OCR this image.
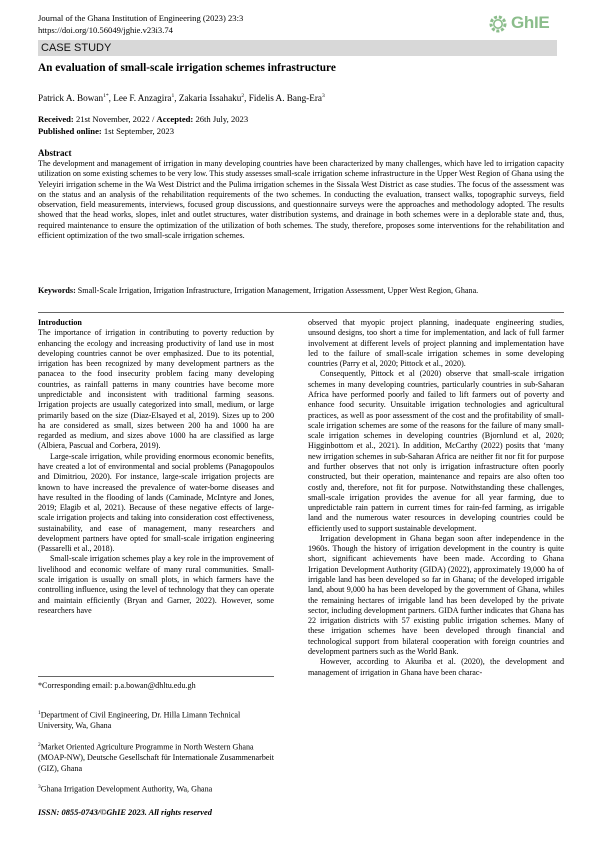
Journal of the Ghana Institution of Engineering (2023) 23:3
https://doi.org/10.56049/jghie.v23i3.74	GhIE
CASE STUDY
An evaluation of small-scale irrigation schemes infrastructure
Patrick A. Bowan$^{1*}$, Lee F. Anzagira$^1$, Zakaria Issahaku$^2$, Fidelis A. Bang-Era$^3$
Received: 21st November, 2022 / Accepted: 26th July, 2023
Published online: 1st September, 2023
Abstract
The development and management of irrigation in many developing countries have been characterized by many challenges, which have led to irrigation capacity utilization on some existing schemes to be very low. This study assesses small-scale irrigation scheme infrastructure in the Upper West Region of Ghana using the Yeleyiri irrigation scheme in the Wa West District and the Pulima irrigation schemes in the Sissala West District as case studies. The focus of the assessment was on the status and an analysis of the rehabilitation requirements of the two schemes. In conducting the evaluation, transect walks, topographic surveys, field observation, field measurements, interviews, focused group discussions, and questionnaire surveys were the approaches and methodology adopted. The results showed that the head works, slopes, inlet and outlet structures, water distribution systems, and drainage in both schemes were in a deplorable state and, thus, required maintenance to ensure the optimization of the utilization of both schemes. The study, therefore, proposes some interventions for the rehabilitation and efficient optimization of the two small-scale irrigation schemes.
Keywords: Small-Scale Irrigation, Irrigation Infrastructure, Irrigation Management, Irrigation Assessment, Upper West Region, Ghana.

Introduction

The importance of irrigation in contributing to poverty reduction by enhancing the ecology and increasing productivity of land use in most developing countries cannot be over emphasized. Due to its potential, irrigation has been recognized by many development partners as the panacea to the food insecurity problem facing many developing countries, as rainfall patterns in many countries have become more unpredictable and inconsistent with traditional farming seasons. Irrigation projects are usually categorized into small, medium, or large primarily based on the size (Diaz-Elsayed et al, 2019). Sizes up to 200 ha are considered as small, sizes between 200 ha and 1000 ha are regarded as medium, and sizes above 1000 ha are classified as large (Albiera, Pascual and Corbera, 2019).

Large-scale irrigation, while providing enormous economic benefits, have created a lot of environmental and social problems (Panagopoulos and Dimitriou, 2020). For instance, large-scale irrigation projects are known to have increased the prevalence of water-borne diseases and have resulted in the flooding of lands (Caminade, McIntyre and Jones, 2019; Elagib et al, 2021). Because of these negative effects of large-scale irrigation projects and taking into consideration cost effectiveness, sustainability, and ease of management, many researchers and development partners have opted for small-scale irrigation engineering (Passarelli et al., 2018).

Small-scale irrigation schemes play a key role in the improvement of livelihood and economic welfare of many rural communities. Small-scale irrigation is usually on small plots, in which farmers have the controlling influence, using the level of technology that they can operate and maintain efficiently (Bryan and Garner, 2022). However, some researchers have

observed that myopic project planning, inadequate engineering studies, unsound designs, too short a time for implementation, and lack of full farmer involvement at different levels of project planning and implementation have led to the failure of small-scale irrigation schemes in some developing countries (Parry et al, 2020; Pittock et al., 2020).

Consequently, Pittock et al (2020) observe that small-scale irrigation schemes in many developing countries, particularly countries in sub-Saharan Africa have performed poorly and failed to lift farmers out of poverty and enhance food security. Unsuitable irrigation technologies and agricultural practices, as well as poor assessment of the cost and the profitability of small-scale irrigation schemes are some of the reasons for the failure of many small-scale irrigation schemes in developing countries (Bjornlund et al, 2020; Higginbottom et al., 2021). In addition, McCarthy (2022) posits that ‘many new irrigation schemes in sub-Saharan Africa are neither fit nor fit for purpose and further observes that not only is irrigation infrastructure often poorly constructed, but their operation, maintenance and repairs are also often too costly and, therefore, not fit for purpose. Notwithstanding these challenges, small-scale irrigation provides the avenue for all year farming, due to unpredictable rain pattern in current times for rain-fed farming, as irrigable land and the numerous water resources in developing countries could be efficiently used to support sustainable development.

Irrigation development in Ghana began soon after independence in the 1960s. Though the history of irrigation development in the country is quite short, significant achievements have been made. According to Ghana Irrigation Development Authority (GIDA) (2022), approximately 19,000 ha of irrigable land has been developed so far in Ghana; of the developed irrigable land, about 9,000 ha has been developed by the government of Ghana, whiles the remaining hectares of irrigable land has been developed by the private sector, including development partners. GIDA further indicates that Ghana has 22 irrigation districts with 57 existing public irrigation schemes. Many of these irrigation schemes have been developed through financial and technological support from bilateral cooperation with foreign countries and development partners such as the World Bank.

However, according to Akuriba et al. (2020), the development and management of irrigation in Ghana have been charac-

*Corresponding email: p.a.bowan@dhltu.edu.gh
$^1$Department of Civil Engineering, Dr. Hilla Limann Technical University, Wa, Ghana
$^2$Market Oriented Agriculture Programme in North Western Ghana (MOAP-NW), Deutsche Gesellschaft für Internationale Zusammenarbeit (GIZ), Ghana
$^3$Ghana Irrigation Development Authority, Wa, Ghana
ISSN: 0855-0743/©GhIE 2023. All rights reserved
